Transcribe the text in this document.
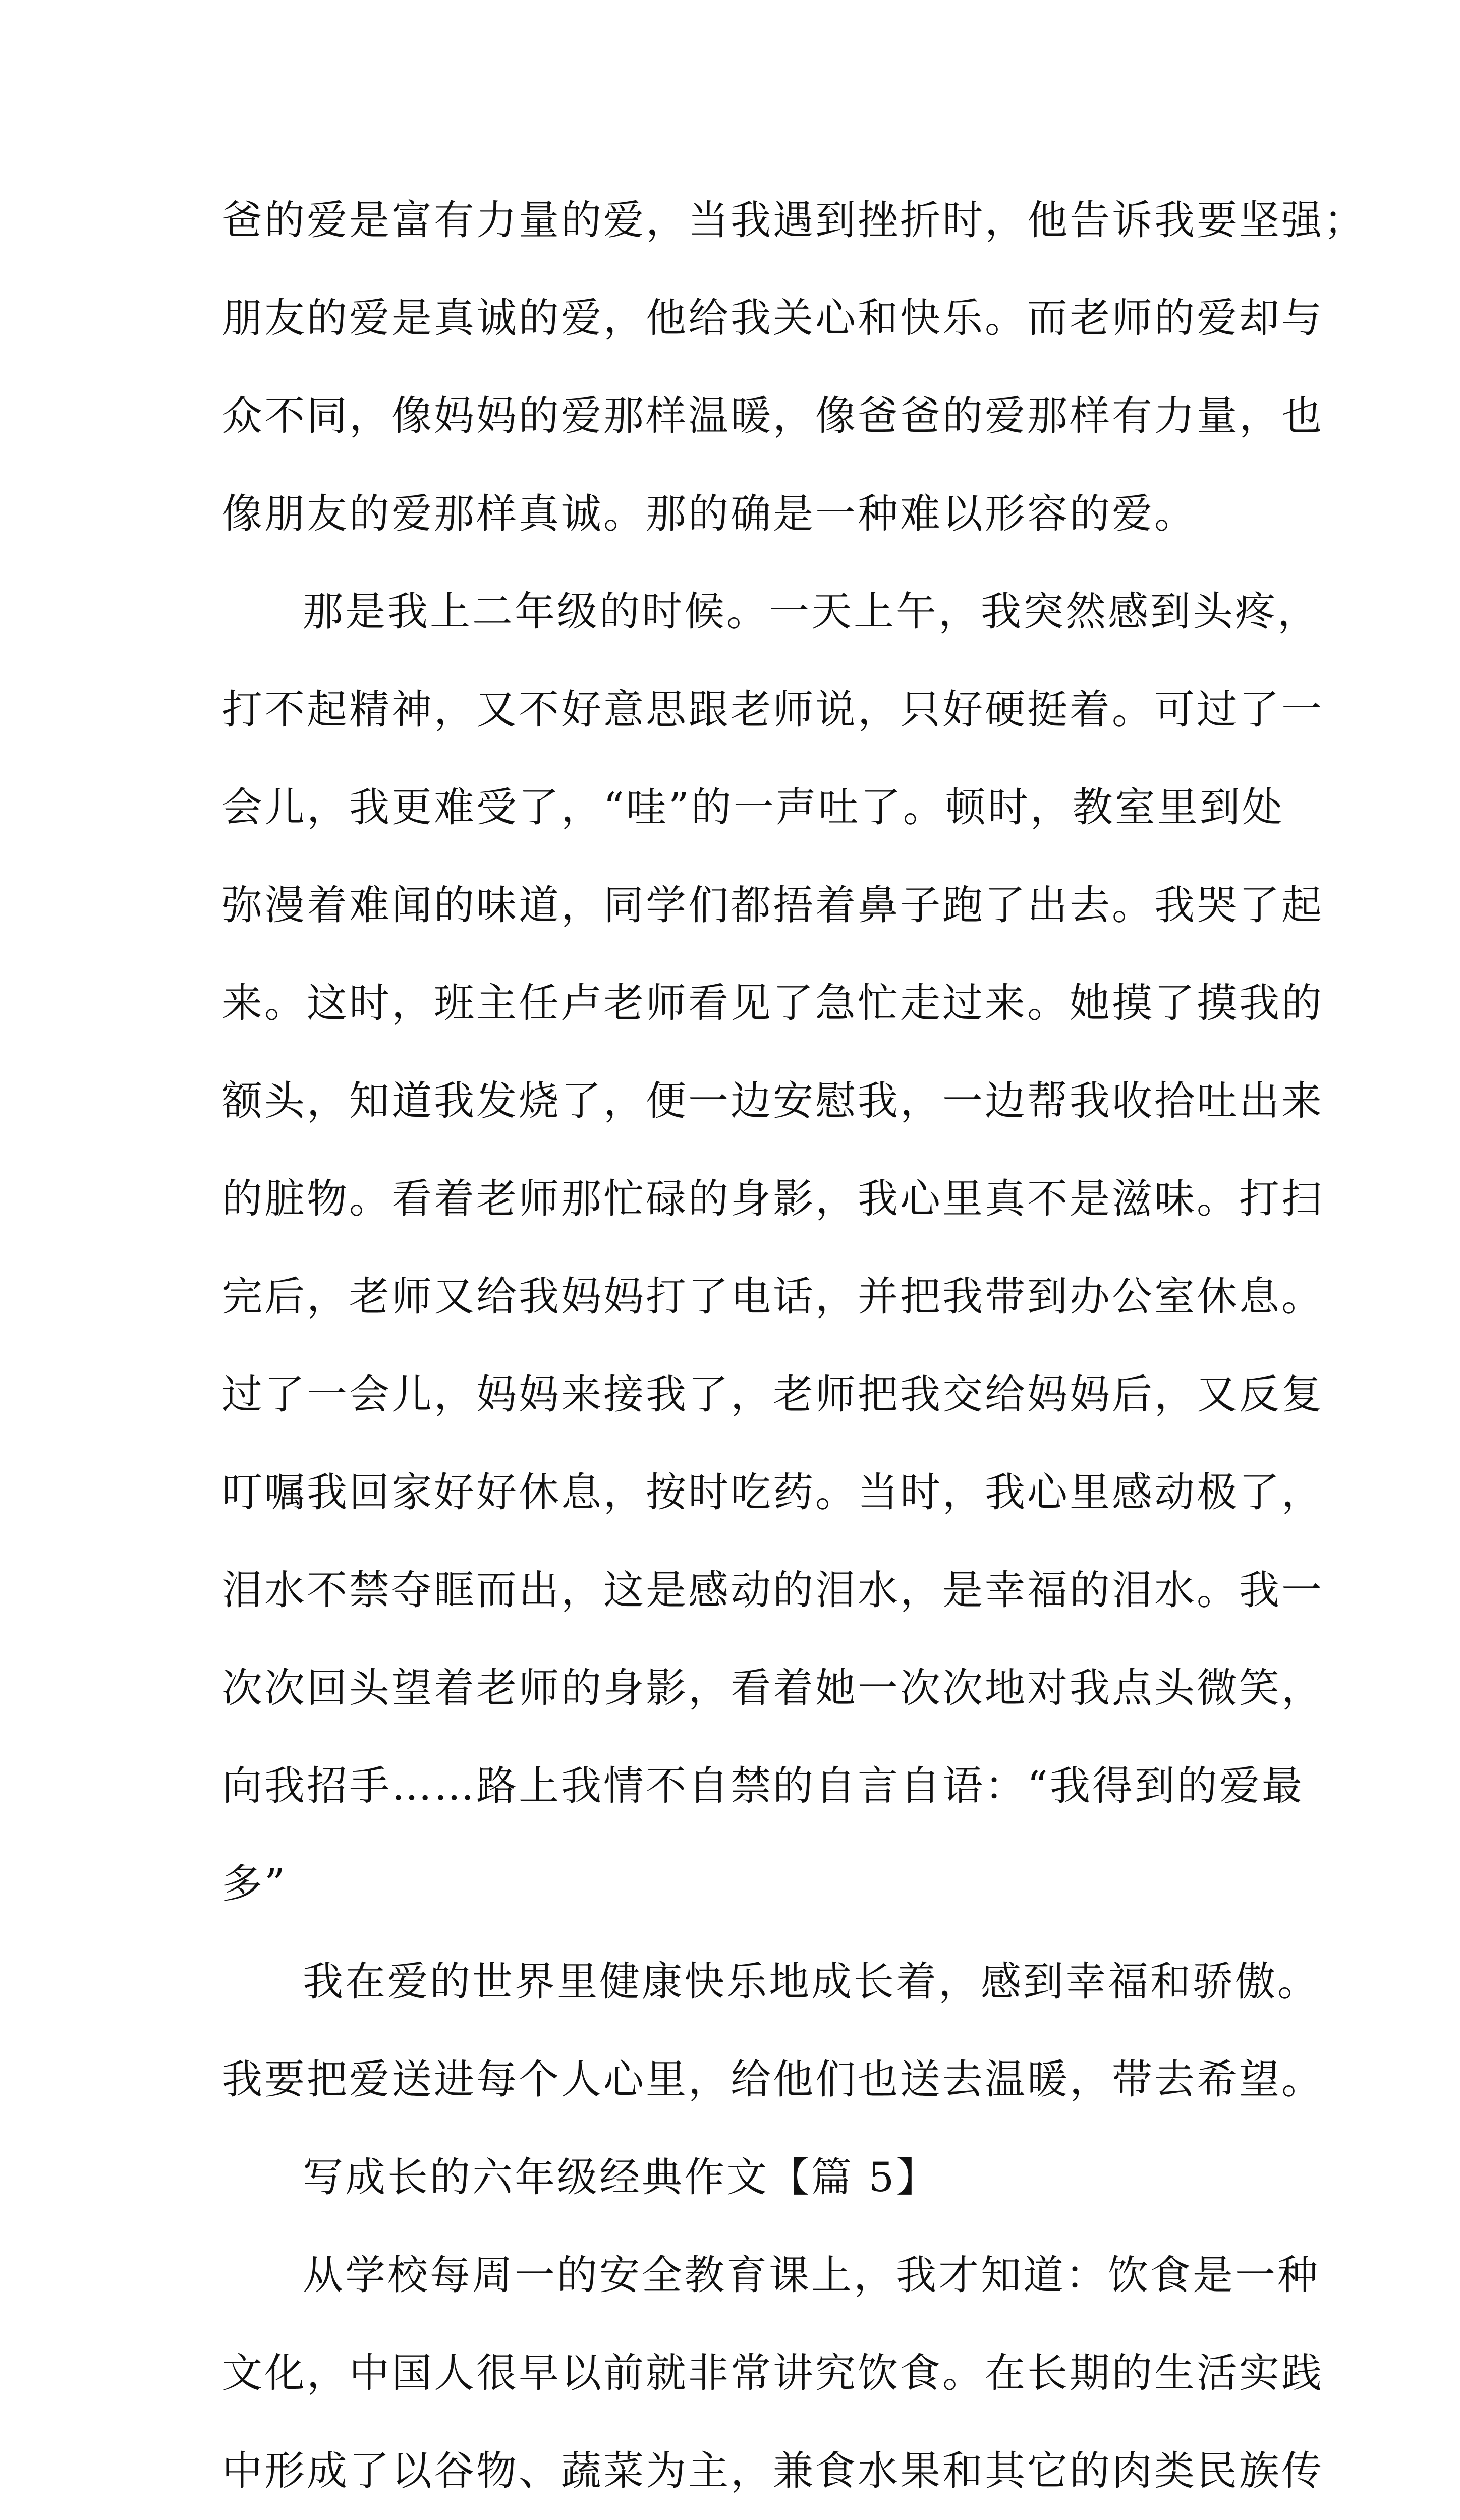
爸的爱是富有力量的爱，当我遇到挫折时，他告诉我要坚强；
朋友的爱是真诚的爱，他给我关心和快乐。而老师的爱却与
众不同，像妈妈的爱那样温暖，像爸爸的爱那样有力量，也
像朋友的爱那样真诚。那的确是一种难以形容的爱。
那是我上二年级的时候。一天上午，我突然感到头疼，
打不起精神，又不好意思跟老师说，只好硬挺着。可过了一
会儿，我更难受了，“哇”的一声吐了。顿时，教室里到处
弥漫着难闻的味道，同学们都捂着鼻子跑了出去。我哭了起
来。这时，班主任卢老师看见了急忙走过来。她摸了摸我的
额头，知道我发烧了，便一边安慰我，一边帮我收拾吐出来
的脏物。看着老师那忙碌的身影，我心里真不是滋味。打扫
完后，老师又给我妈妈打了电话，并把我带到办公室休息。
过了一会儿，妈妈来接我了，老师把我交给妈妈后，又反复
叮嘱我回家好好休息，按时吃药。当时，我心里感动极了，
泪水不禁夺眶而出，这是感动的泪水，是幸福的泪水。我一
次次回头望着老师的身影，看着她一次次地对我点头微笑，
向我招手……路上我情不自禁的自言自语：“我得到的爱最
多”
我在爱的世界里健康快乐地成长着，感到幸福和骄傲。
我要把爱送进每个人心里，给他们也送去温暖，带去希望。
写成长的六年级经典作文【篇 5】
从学校每周一的安全教育课上，我才知道：饮食是一种
文化，中国人很早以前就非常讲究饮食。在长期的生活实践
中形成了以谷物、蔬菜为主，兼食水果和其它的肉类民族传
